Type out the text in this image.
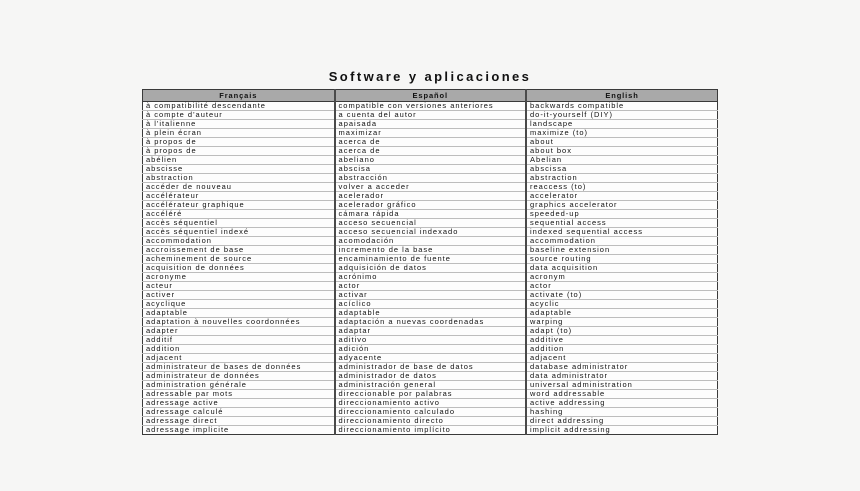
Software y aplicaciones
Français	Español	English
à compatibilité descendante	compatible con versiones anteriores	backwards compatible
à compte d'auteur	a cuenta del autor	do-it-yourself (DIY)
à l'italienne	apaisada	landscape
à plein écran	maximizar	maximize (to)
à propos de	acerca de	about
à propos de	acerca de	about box
abélien	abeliano	Abelian
abscisse	abscisa	abscissa
abstraction	abstracción	abstraction
accéder de nouveau	volver a acceder	reaccess (to)
accélérateur	acelerador	accelerator
accélérateur graphique	acelerador gráfico	graphics accelerator
accéléré	cámara rápida	speeded-up
accès séquentiel	acceso secuencial	sequential access
accès séquentiel indexé	acceso secuencial indexado	indexed sequential access
accommodation	acomodación	accommodation
accroissement de base	incremento de la base	baseline extension
acheminement de source	encaminamiento de fuente	source routing
acquisition de données	adquisición de datos	data acquisition
acronyme	acrónimo	acronym
acteur	actor	actor
activer	activar	activate (to)
acyclique	acíclico	acyclic
adaptable	adaptable	adaptable
adaptation à nouvelles coordonnées	adaptación a nuevas coordenadas	warping
adapter	adaptar	adapt (to)
additif	aditivo	additive
addition	adición	addition
adjacent	adyacente	adjacent
administrateur de bases de données	administrador de base de datos	database administrator
administrateur de données	administrador de datos	data administrator
administration générale	administración general	universal administration
adressable par mots	direccionable por palabras	word addressable
adressage active	direccionamiento activo	active addressing
adressage calculé	direccionamiento calculado	hashing
adressage direct	direccionamiento directo	direct addressing
adressage implicite	direccionamiento implícito	implicit addressing
